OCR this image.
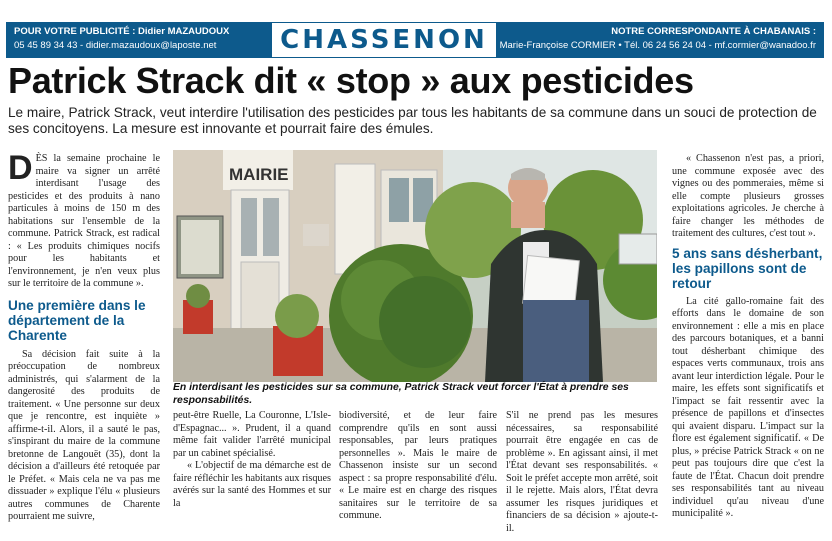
POUR VOTRE PUBLICITÉ : Didier MAZAUDOUX
05 45 89 34 43 - didier.mazaudoux@laposte.net	CHASSENON	NOTRE CORRESPONDANTE À CHABANAIS :
Marie-Françoise CORMIER • Tél. 06 24 56 24 04 - mf.cormier@wanadoo.fr
Patrick Strack dit « stop » aux pesticides
Le maire, Patrick Strack, veut interdire l'utilisation des pesticides par tous les habitants de sa commune dans un souci de protection de ses concitoyens. La mesure est innovante et pourrait faire des émules.
DÈS la semaine prochaine le maire va signer un arrêté interdisant l'usage des pesticides et des produits à nano particules à moins de 150 m des habitations sur l'ensemble de la commune. Patrick Strack, est radical : « Les produits chimiques nocifs pour les habitants et l'environnement, je n'en veux plus sur le territoire de la commune ».
Une première dans le département de la Charente

Sa décision fait suite à la préoccupation de nombreux administrés, qui s'alarment de la dangerosité des produits de traitement. « Une personne sur deux que je rencontre, est inquiète » affirme-t-il. Alors, il a sauté le pas, s'inspirant du maire de la commune bretonne de Langouët (35), dont la décision a d'ailleurs été retoquée par le Préfet. « Mais cela ne va pas me dissuader » explique l'élu « plusieurs autres communes de Charente pourraient me suivre,

MAIRIE
En interdisant les pesticides sur sa commune, Patrick Strack veut forcer l'État à prendre ses responsabilités.

peut-être Ruelle, La Couronne, L'Isle-d'Espagnac... ». Prudent, il a quand même fait valider l'arrêté municipal par un cabinet spécialisé.

« L'objectif de ma démarche est de faire réfléchir les habitants aux risques avérés sur la santé des Hommes et sur la

biodiversité, et de leur faire comprendre qu'ils en sont aussi responsables, par leurs pratiques personnelles ». Mais le maire de Chassenon insiste sur un second aspect : sa propre responsabilité d'élu. « Le maire est en charge des risques sanitaires sur le territoire de sa commune.

S'il ne prend pas les mesures nécessaires, sa responsabilité pourrait être engagée en cas de problème ». En agissant ainsi, il met l'État devant ses responsabilités. « Soit le préfet accepte mon arrêté, soit il le rejette. Mais alors, l'État devra assumer les risques juridiques et financiers de sa décision » ajoute-t-il.

« Chassenon n'est pas, a priori, une commune exposée avec des vignes ou des pommeraies, même si elle compte plusieurs grosses exploitations agricoles. Je cherche à faire changer les méthodes de traitement des cultures, c'est tout ».

5 ans sans désherbant, les papillons sont de retour

La cité gallo-romaine fait des efforts dans le domaine de son environnement : elle a mis en place des parcours botaniques, et a banni tout désherbant chimique des espaces verts communaux, trois ans avant leur interdiction légale. Pour le maire, les effets sont significatifs et l'impact se fait ressentir avec la présence de papillons et d'insectes qui avaient disparu. L'impact sur la flore est également significatif. « De plus, » précise Patrick Strack « on ne peut pas toujours dire que c'est la faute de l'État. Chacun doit prendre ses responsabilités tant au niveau individuel qu'au niveau d'une municipalité ».
